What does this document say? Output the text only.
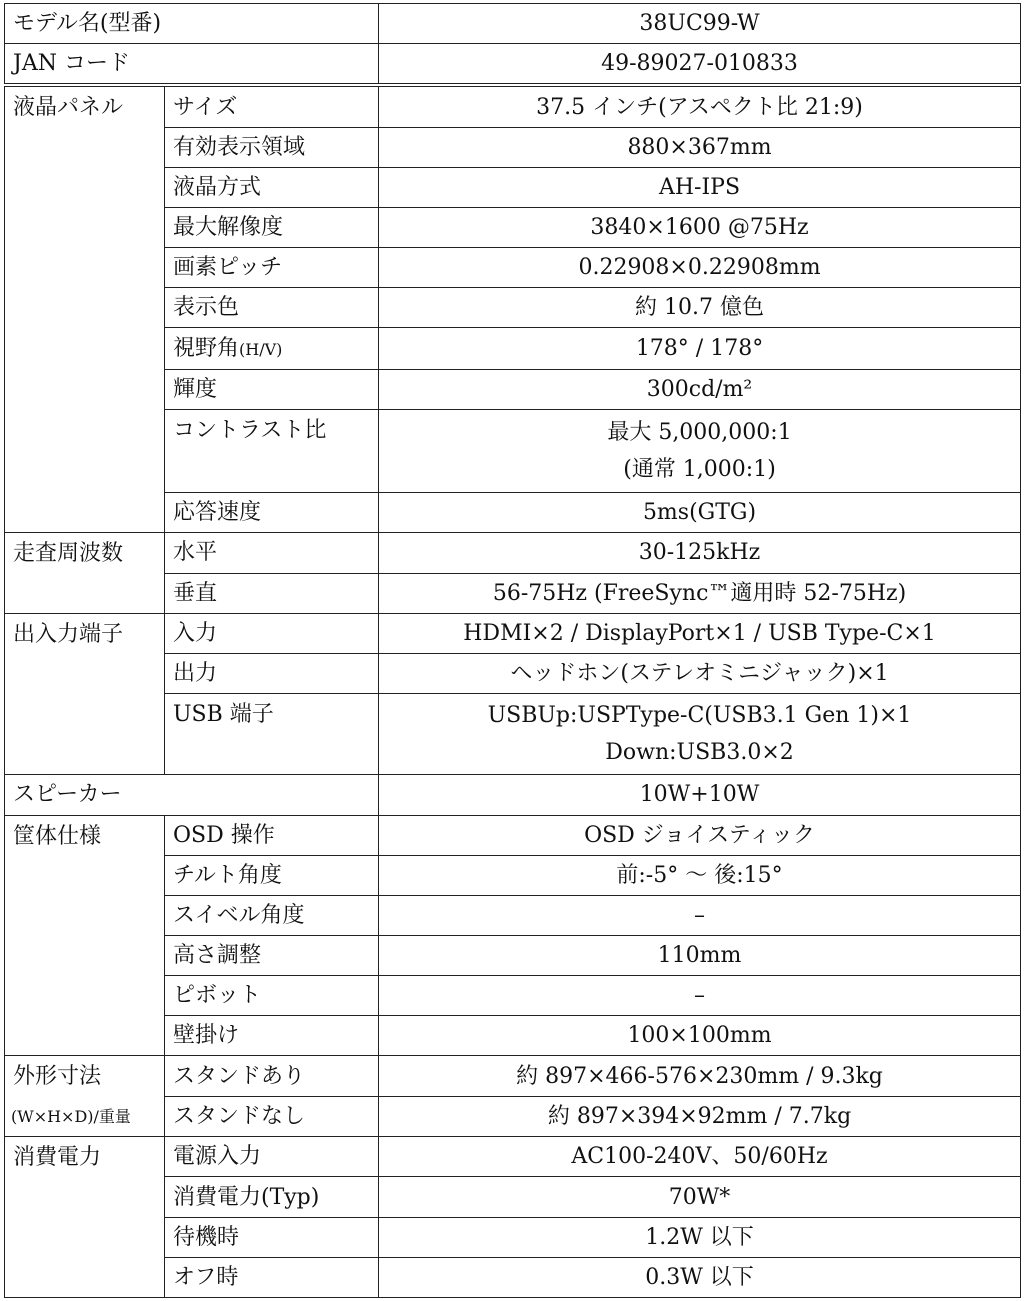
モデル名(型番)		38UC99-W
JAN コード		49-89027-010833
液晶パネル	サイズ	37.5 インチ(アスペクト比 21:9)
	有効表示領域	880×367mm
	液晶方式	AH-IPS
	最大解像度	3840×1600 @75Hz
	画素ピッチ	0.22908×0.22908mm
	表示色	約 10.7 億色
	視野角(H/V)	178° / 178°
	輝度	300cd/m²
	コントラスト比	最大 5,000,000:1
(通常 1,000:1)

	応答速度	5ms(GTG)
走査周波数	水平	30-125kHz
	垂直	56-75Hz (FreeSync™適用時 52-75Hz)
出入力端子	入力	HDMI×2 / DisplayPort×1 / USB Type-C×1
	出力	ヘッドホン(ステレオミニジャック)×1
	USB 端子	USBUp:USPType-C(USB3.1 Gen 1)×1
Down:USB3.0×2

スピーカー		10W+10W
筐体仕様	OSD 操作	OSD ジョイスティック
	チルト角度	前:-5° ～ 後:15°
	スイベル角度	–
	高さ調整	110mm
	ピボット	–
	壁掛け	100×100mm
外形寸法	スタンドあり	約 897×466-576×230mm / 9.3kg
(W×H×D)/重量	スタンドなし	約 897×394×92mm / 7.7kg
消費電力	電源入力	AC100-240V、50/60Hz
	消費電力(Typ)	70W*
	待機時	1.2W 以下
	オフ時	0.3W 以下
